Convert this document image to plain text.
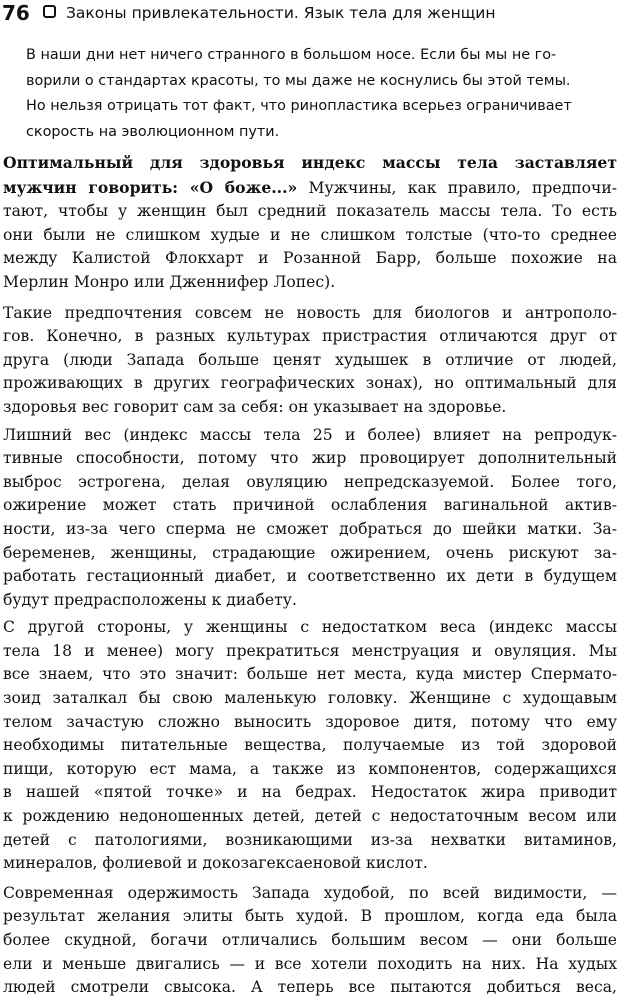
76 Законы привлекательности. Язык тела для женщин
В наши дни нет ничего странного в большом носе. Если бы мы не го-
ворили о стандартах красоты, то мы даже не коснулись бы этой темы.
Но нельзя отрицать тот факт, что ринопластика всерьез ограничивает
скорость на эволюционном пути.
Оптимальный для здоровья индекс массы тела заставляет
мужчин говорить: «О боже...» Мужчины, как правило, предпочи-
тают, чтобы у женщин был средний показатель массы тела. То есть
они были не слишком худые и не слишком толстые (что-то среднее
между Калистой Флокхарт и Розанной Барр, больше похожие на
Мерлин Монро или Дженнифер Лопес).
Такие предпочтения совсем не новость для биологов и антрополо-
гов. Конечно, в разных культурах пристрастия отличаются друг от
друга (люди Запада больше ценят худышек в отличие от людей,
проживающих в других географических зонах), но оптимальный для
здоровья вес говорит сам за себя: он указывает на здоровье.
Лишний вес (индекс массы тела 25 и более) влияет на репродук-
тивные способности, потому что жир провоцирует дополнительный
выброс эстрогена, делая овуляцию непредсказуемой. Более того,
ожирение может стать причиной ослабления вагинальной актив-
ности, из-за чего сперма не сможет добраться до шейки матки. За-
беременев, женщины, страдающие ожирением, очень рискуют за-
работать гестационный диабет, и соответственно их дети в будущем
будут предрасположены к диабету.
С другой стороны, у женщины с недостатком веса (индекс массы
тела 18 и менее) могу прекратиться менструация и овуляция. Мы
все знаем, что это значит: больше нет места, куда мистер Сперматo-
зоид заталкал бы свою маленькую головку. Женщине с худощавым
телом зачастую сложно выносить здоровое дитя, потому что ему
необходимы питательные вещества, получаемые из той здоровой
пищи, которую ест мама, а также из компонентов, содержащихся
в нашей «пятой точке» и на бедрах. Недостаток жира приводит
к рождению недоношенных детей, детей с недостаточным весом или
детей с патологиями, возникающими из-за нехватки витаминов,
минералов, фолиевой и докозагексаеновой кислот.
Современная одержимость Запада худобой, по всей видимости, —
результат желания элиты быть худой. В прошлом, когда еда была
более скудной, богачи отличались большим весом — они больше
ели и меньше двигались — и все хотели походить на них. На худых
людей смотрели свысока. А теперь все пытаются добиться веса,
